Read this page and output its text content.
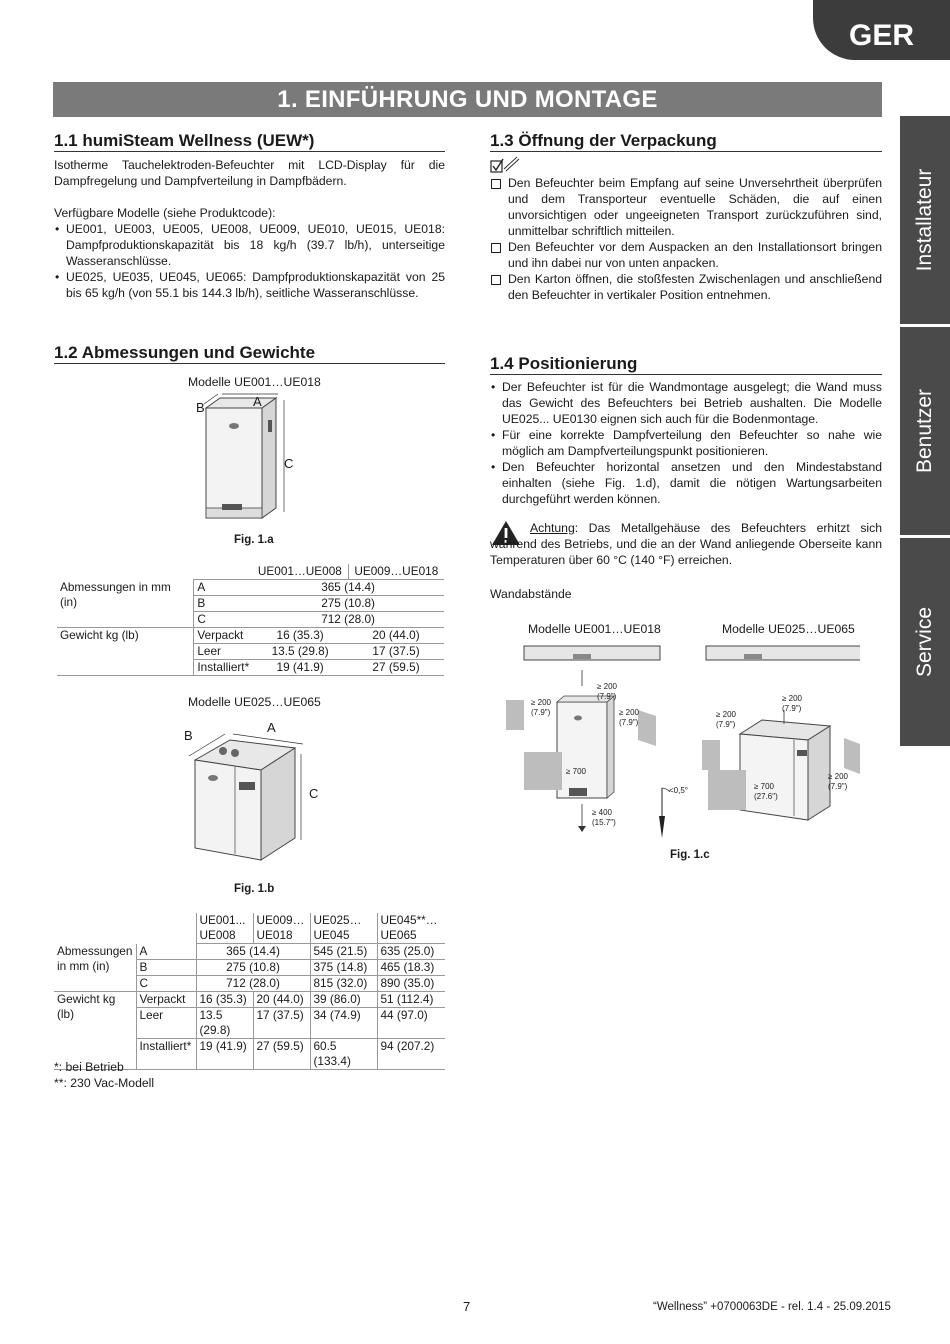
GER
1. EINFÜHRUNG UND MONTAGE
Installateur
Benutzer
Service
1.1 humiSteam Wellness (UEW*)
Isotherme Tauchelektroden-Befeuchter mit LCD-Display für die Dampfregelung und Dampfverteilung in Dampfbädern.
Verfügbare Modelle (siehe Produktcode):
• UE001, UE003, UE005, UE008, UE009, UE010, UE015, UE018: Dampfproduktionskapazität bis 18 kg/h (39.7 lb/h), unterseitige Wasseranschlüsse.
• UE025, UE035, UE045, UE065: Dampfproduktionskapazität von 25 bis 65 kg/h (von 55.1 bis 144.3 lb/h), seitliche Wasseranschlüsse.
1.2 Abmessungen und Gewichte
Modelle UE001…UE018
B	A
C
Fig. 1.a
		UE001…UE008	UE009…UE018
Abmessungen in mm (in)	A	365 (14.4)	
	B	275 (10.8)	
	C	712 (28.0)	
Gewicht kg (lb)	Verpackt	16 (35.3)	20 (44.0)
	Leer	13.5 (29.8)	17 (37.5)
	Installiert*	19 (41.9)	27 (59.5)
Modelle UE025…UE065
B
A
C
Fig. 1.b
		UE001... UE008	UE009… UE018	UE025… UE045	UE045**… UE065
Abmessungen in mm (in)	A	365 (14.4)		545 (21.5)	635 (25.0)
	B	275 (10.8)		375 (14.8)	465 (18.3)
	C	712 (28.0)		815 (32.0)	890 (35.0)
Gewicht kg (lb)	Verpackt	16 (35.3)	20 (44.0)	39 (86.0)	51 (112.4)
	Leer	13.5 (29.8)	17 (37.5)	34 (74.9)	44 (97.0)
	Installiert*	19 (41.9)	27 (59.5)	60.5 (133.4)	94 (207.2)
*: bei Betrieb
**: 230 Vac-Modell
1.3 Öffnung der Verpackung
Den Befeuchter beim Empfang auf seine Unversehrtheit überprüfen und dem Transporteur eventuelle Schäden, die auf einen unvorsichtigen oder ungeeigneten Transport zurückzuführen sind, unmittelbar schriftlich mitteilen.
Den Befeuchter vor dem Auspacken an den Installationsort bringen und ihn dabei nur von unten anpacken.
Den Karton öffnen, die stoßfesten Zwischenlagen und anschließend den Befeuchter in vertikaler Position entnehmen.
1.4 Positionierung
• Der Befeuchter ist für die Wandmontage ausgelegt; die Wand muss das Gewicht des Befeuchters bei Betrieb aushalten. Die Modelle UE025... UE0130 eignen sich auch für die Bodenmontage.
• Für eine korrekte Dampfverteilung den Befeuchter so nahe wie möglich am Dampfverteilungspunkt positionieren.
• Den Befeuchter horizontal ansetzen und den Mindestabstand einhalten (siehe Fig. 1.d), damit die nötigen Wartungsarbeiten durchgeführt werden können.
Achtung: Das Metallgehäuse des Befeuchters erhitzt sich während des Betriebs, und die an der Wand anliegende Oberseite kann Temperaturen über 60 °C (140 °F) erreichen.
Wandabstände
Modelle UE001…UE018	Modelle UE025…UE065
≥ 200
(7.9")
≥ 200
(7.9")	≥ 200
(7.9")
≥ 700
≥ 400
(15.7")
<0,5°
≥ 200
(7.9")
≥ 200
(7.9")
≥ 200
(7.9")
≥ 700
(27.6")
Fig. 1.c
7	“Wellness” +0700063DE - rel. 1.4 - 25.09.2015
